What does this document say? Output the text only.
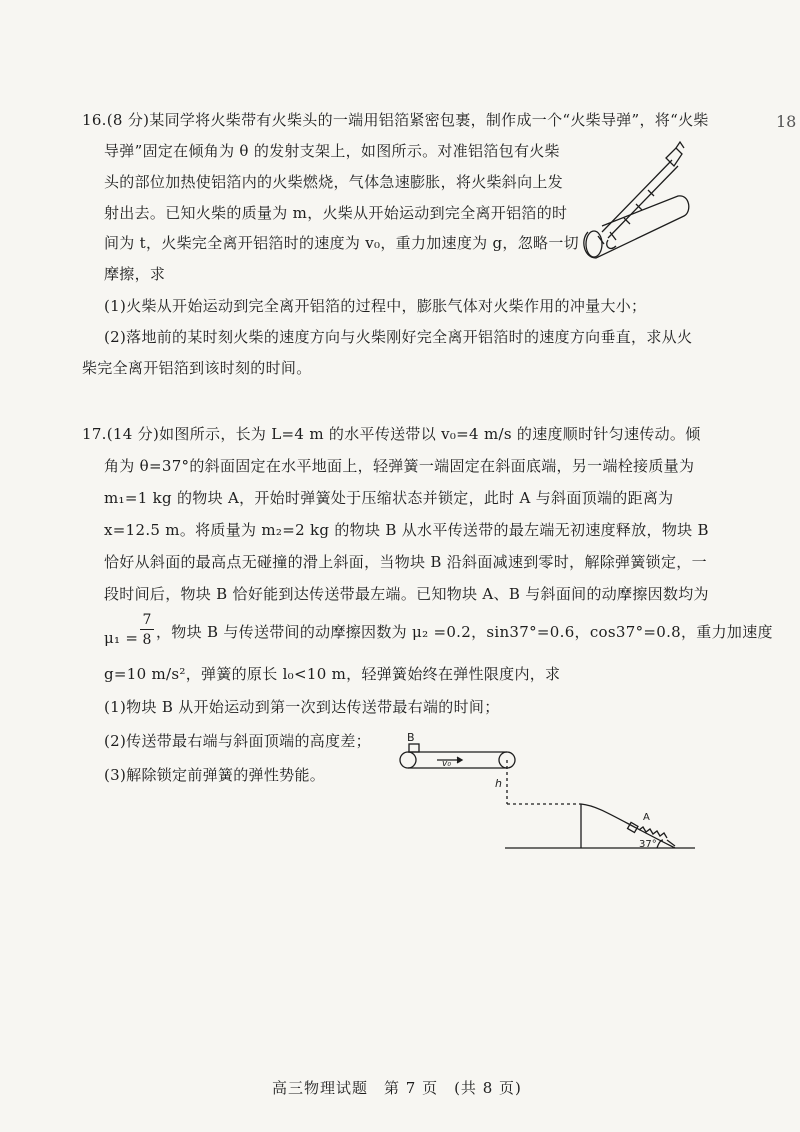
18
16.(8 分)某同学将火柴带有火柴头的一端用铝箔紧密包裹，制作成一个“火柴导弹”，将“火柴
导弹”固定在倾角为 θ 的发射支架上，如图所示。对准铝箔包有火柴
头的部位加热使铝箔内的火柴燃烧，气体急速膨胀，将火柴斜向上发
射出去。已知火柴的质量为 m，火柴从开始运动到完全离开铝箔的时
间为 t，火柴完全离开铝箔时的速度为 v₀，重力加速度为 g，忽略一切
摩擦，求
(1)火柴从开始运动到完全离开铝箔的过程中，膨胀气体对火柴作用的冲量大小；
(2)落地前的某时刻火柴的速度方向与火柴刚好完全离开铝箔时的速度方向垂直，求从火
柴完全离开铝箔到该时刻的时间。
17.(14 分)如图所示，长为 L=4 m 的水平传送带以 v₀=4 m/s 的速度顺时针匀速传动。倾
角为 θ=37°的斜面固定在水平地面上，轻弹簧一端固定在斜面底端，另一端栓接质量为
m₁=1 kg 的物块 A，开始时弹簧处于压缩状态并锁定，此时 A 与斜面顶端的距离为
x=12.5 m。将质量为 m₂=2 kg 的物块 B 从水平传送带的最左端无初速度释放，物块 B
恰好从斜面的最高点无碰撞的滑上斜面，当物块 B 沿斜面减速到零时，解除弹簧锁定，一
段时间后，物块 B 恰好能到达传送带最左端。已知物块 A、B 与斜面间的动摩擦因数均为
μ₁ =
7
8 ，物块 B 与传送带间的动摩擦因数为 μ₂ =0.2，sin37°=0.6，cos37°=0.8，重力加速度
g=10 m/s²，弹簧的原长 l₀<10 m，轻弹簧始终在弹性限度内，求
(1)物块 B 从开始运动到第一次到达传送带最右端的时间；
(2)传送带最右端与斜面顶端的高度差；
(3)解除锁定前弹簧的弹性势能。
B
v₀
h
A
37°
高三物理试题　第 7 页　(共 8 页)
